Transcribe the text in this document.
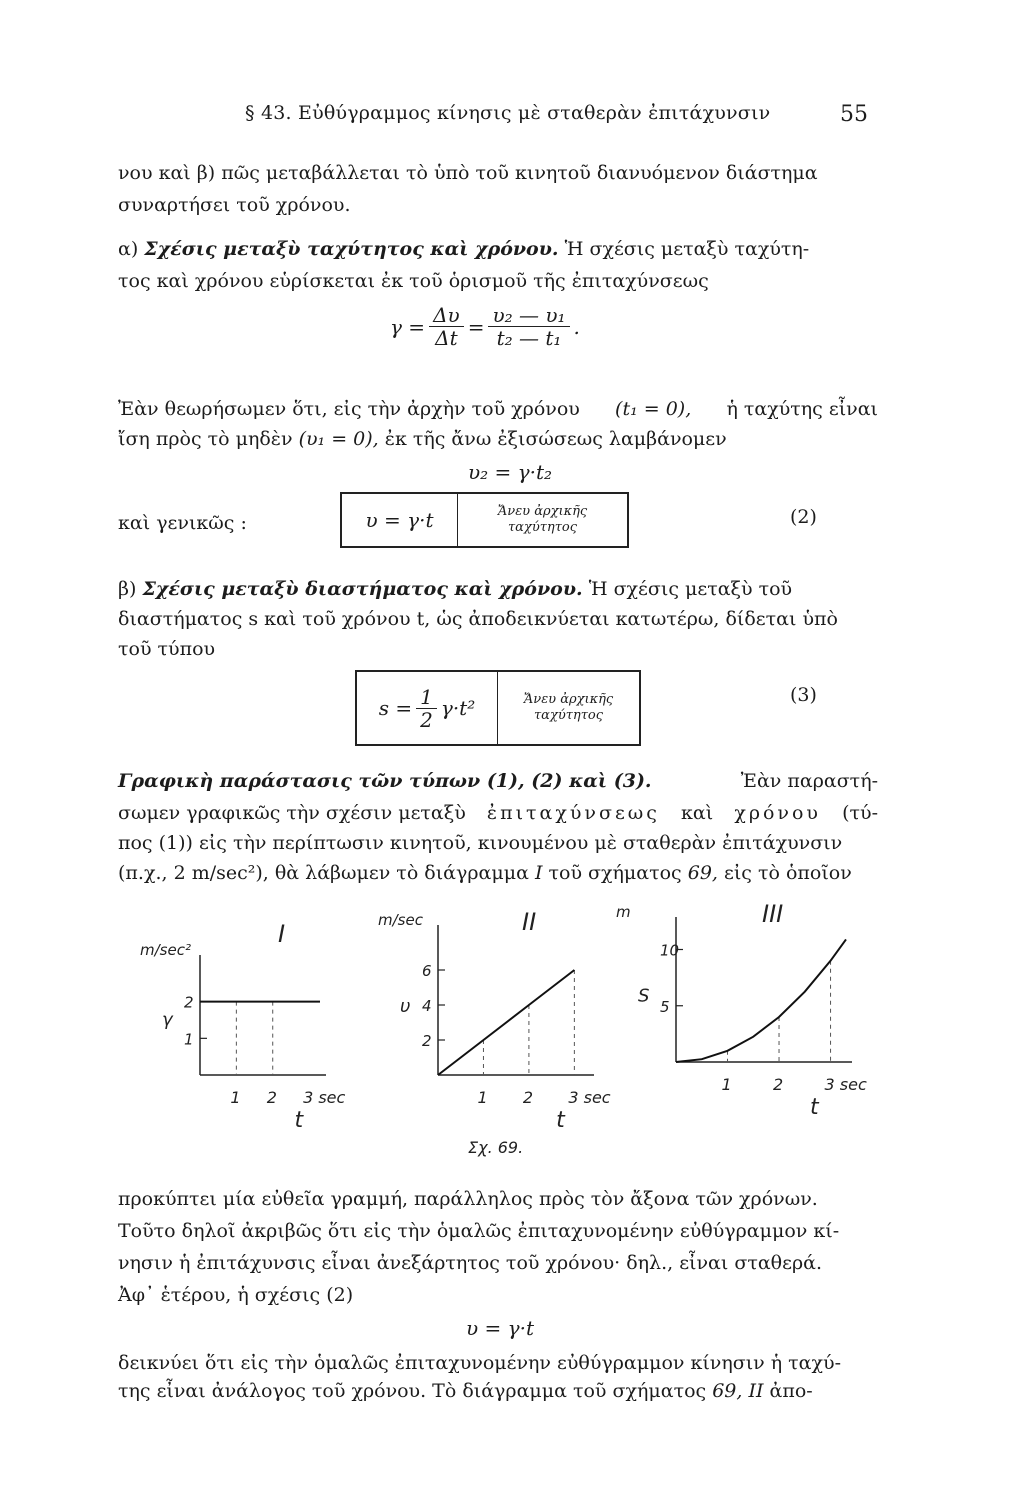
§ 43. Εὐθύγραμμος κίνησις μὲ σταθερὰν ἐπιτάχυνσιν	55
νου καὶ β) πῶς μεταβάλλεται τὸ ὑπὸ τοῦ κινητοῦ διανυόμενον διάστημα
συναρτήσει τοῦ χρόνου.
α) Σχέσις μεταξὺ ταχύτητος καὶ χρόνου. Ἡ σχέσις μεταξὺ ταχύτη-
τος καὶ χρόνου εὑρίσκεται ἐκ τοῦ ὁρισμοῦ τῆς ἐπιταχύνσεως
$\gamma = \frac{\Delta\upsilon}{\Delta t} = \frac{\text{υ₂ — υ₁}}{\text{t₂ — t₁}}$ .
Ἐὰν θεωρήσωμεν ὅτι, εἰς τὴν ἀρχὴν τοῦ χρόνου (t₁ = 0), ἡ ταχύτης εἶναι
ἴση πρὸς τὸ μηδὲν (υ₁ = 0), ἐκ τῆς ἄνω ἐξισώσεως λαμβάνομεν
υ₂ = γ·t₂
καὶ γενικῶς :	υ = γ·t	Ἄνευ ἀρχικῆς
ταχύτητος	(2)
β) Σχέσις μεταξὺ διαστήματος καὶ χρόνου. Ἡ σχέσις μεταξὺ τοῦ
διαστήματος s καὶ τοῦ χρόνου t, ὡς ἀποδεικνύεται κατωτέρω, δίδεται ὑπὸ
τοῦ τύπου
$s = \frac{1}{2} \gamma\cdot t^2$	Ἄνευ ἀρχικῆς
ταχύτητος
(3)
Γραφικὴ παράστασις τῶν τύπων (1), (2) καὶ (3).	Ἐὰν παραστή-
σωμεν γραφικῶς τὴν σχέσιν μεταξὺ ἐπιταχύνσεως καὶ χρόνου (τύ-
πος (1)) εἰς τὴν περίπτωσιν κινητοῦ, κινουμένου μὲ σταθερὰν ἐπιτάχυνσιν
(π.χ., 2 m/sec²), θὰ λάβωμεν τὸ διάγραμμα I τοῦ σχήματος 69, εἰς τὸ ὁποῖον
I
m/sec²
γ
t
1
2
1 2 3 sec
II
m/sec
υ
t
2
4
6
1 2 3 sec
III
m
S
t
5
10
1	2	3 sec
Σχ. 69.
προκύπτει μία εὐθεῖα γραμμή, παράλληλος πρὸς τὸν ἄξονα τῶν χρόνων.
Τοῦτο δηλοῖ ἀκριβῶς ὅτι εἰς τὴν ὁμαλῶς ἐπιταχυνομένην εὐθύγραμμον κί-
νησιν ἡ ἐπιτάχυνσις εἶναι ἀνεξάρτητος τοῦ χρόνου· δηλ., εἶναι σταθερά.
Ἀφ᾽ ἑτέρου, ἡ σχέσις (2)
υ = γ·t
δεικνύει ὅτι εἰς τὴν ὁμαλῶς ἐπιταχυνομένην εὐθύγραμμον κίνησιν ἡ ταχύ-
της εἶναι ἀνάλογος τοῦ χρόνου. Τὸ διάγραμμα τοῦ σχήματος 69, ΙΙ ἀπο-
